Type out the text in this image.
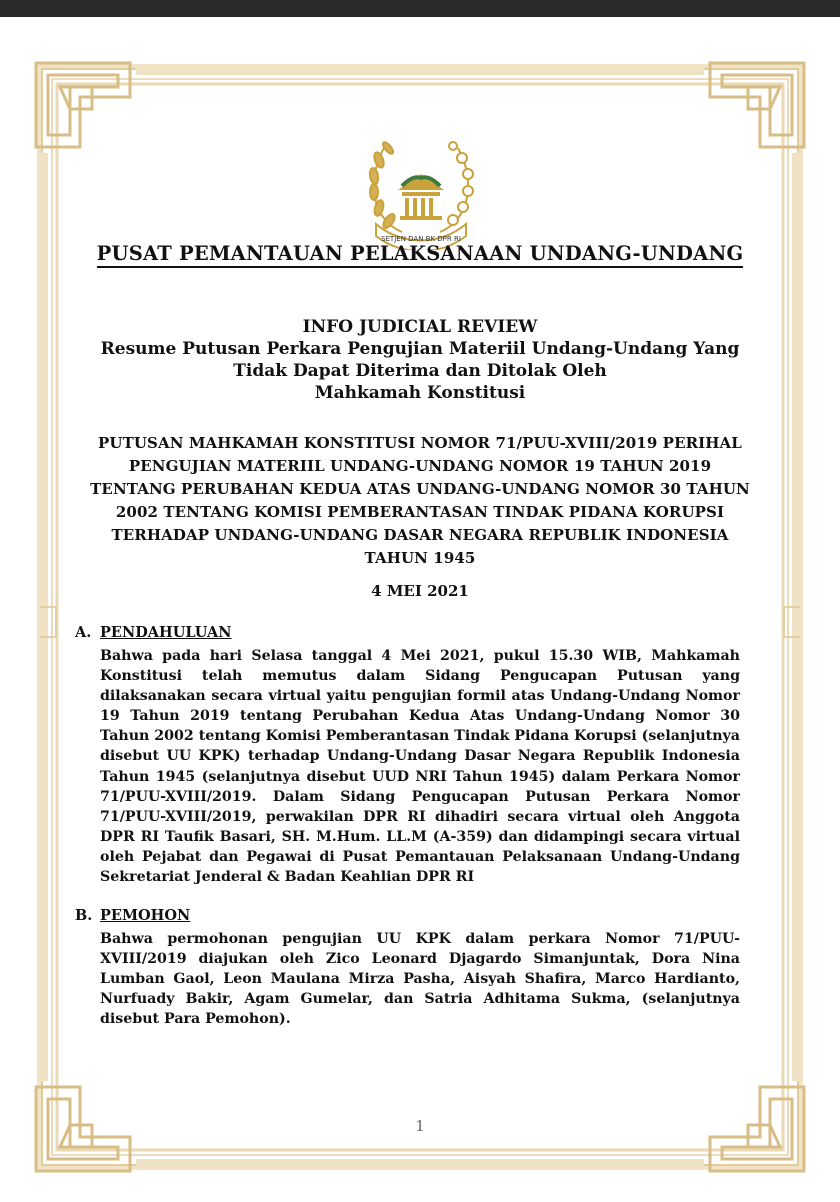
SETJEN DAN BK DPR RI
PUSAT PEMANTAUAN PELAKSANAAN UNDANG-UNDANG
INFO JUDICIAL REVIEW
Resume Putusan Perkara Pengujian Materiil Undang-Undang Yang
Tidak Dapat Diterima dan Ditolak Oleh
Mahkamah Konstitusi
PUTUSAN MAHKAMAH KONSTITUSI NOMOR 71/PUU-XVIII/2019 PERIHAL
PENGUJIAN MATERIIL UNDANG-UNDANG NOMOR 19 TAHUN 2019
TENTANG PERUBAHAN KEDUA ATAS UNDANG-UNDANG NOMOR 30 TAHUN
2002 TENTANG KOMISI PEMBERANTASAN TINDAK PIDANA KORUPSI
TERHADAP UNDANG-UNDANG DASAR NEGARA REPUBLIK INDONESIA
TAHUN 1945
4 MEI 2021
A. PENDAHULUAN
Bahwa pada hari Selasa tanggal 4 Mei 2021, pukul 15.30 WIB, Mahkamah Konstitusi telah memutus dalam Sidang Pengucapan Putusan yang dilaksanakan secara virtual yaitu pengujian formil atas Undang-Undang Nomor 19 Tahun 2019 tentang Perubahan Kedua Atas Undang-Undang Nomor 30 Tahun 2002 tentang Komisi Pemberantasan Tindak Pidana Korupsi (selanjutnya disebut UU KPK) terhadap Undang-Undang Dasar Negara Republik Indonesia Tahun 1945 (selanjutnya disebut UUD NRI Tahun 1945) dalam Perkara Nomor 71/PUU-XVIII/2019. Dalam Sidang Pengucapan Putusan Perkara Nomor 71/PUU-XVIII/2019, perwakilan DPR RI dihadiri secara virtual oleh Anggota DPR RI Taufik Basari, SH. M.Hum. LL.M (A-359) dan didampingi secara virtual oleh Pejabat dan Pegawai di Pusat Pemantauan Pelaksanaan Undang-Undang Sekretariat Jenderal & Badan Keahlian DPR RI
B. PEMOHON
Bahwa permohonan pengujian UU KPK dalam perkara Nomor 71/PUU-XVIII/2019 diajukan oleh Zico Leonard Djagardo Simanjuntak, Dora Nina Lumban Gaol, Leon Maulana Mirza Pasha, Aisyah Shafira, Marco Hardianto, Nurfuady Bakir, Agam Gumelar, dan Satria Adhitama Sukma, (selanjutnya disebut Para Pemohon).
1
